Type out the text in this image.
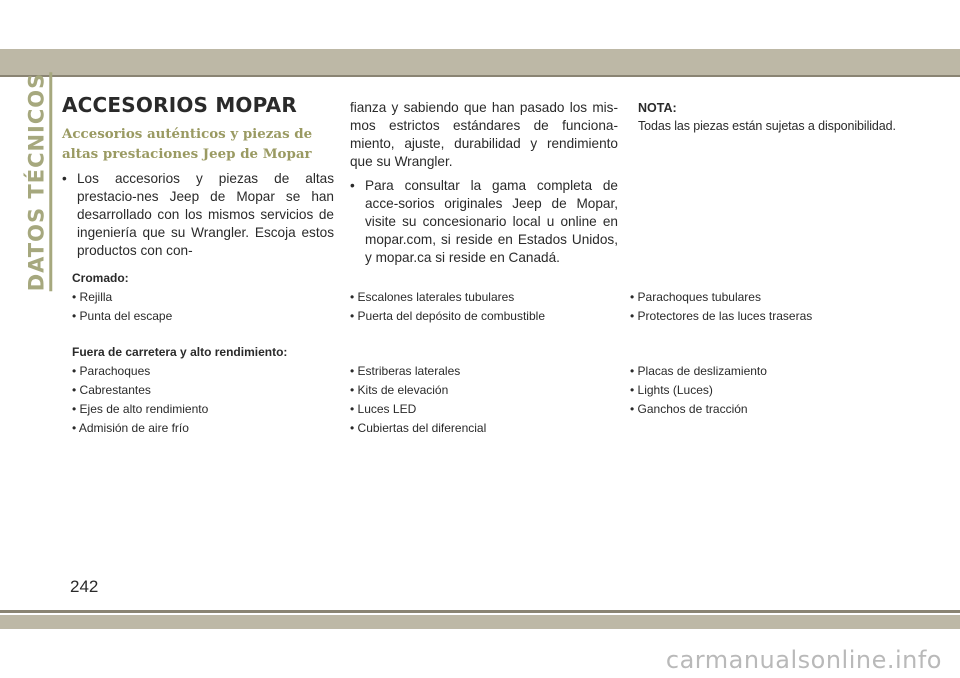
DATOS TÉCNICOS ACCESORIOS MOPAR
Accesorios auténticos y piezas de altas prestaciones Jeep de Mopar

• Los accesorios y piezas de altas prestacio-nes Jeep de Mopar se han desarrollado con los mismos servicios de ingeniería que su Wrangler. Escoja estos productos con con-

fianza y sabiendo que han pasado los mis-mos estrictos estándares de funciona-miento, ajuste, durabilidad y rendimiento que su Wrangler.

• Para consultar la gama completa de acce-sorios originales Jeep de Mopar, visite su concesionario local u online en mopar.com, si reside en Estados Unidos, y mopar.ca si reside en Canadá.

NOTA:

Todas las piezas están sujetas a disponibilidad.

Cromado:
• Rejilla	• Escalones laterales tubulares	• Parachoques tubulares
• Punta del escape	• Puerta del depósito de combustible	• Protectores de las luces traseras
Fuera de carretera y alto rendimiento:
• Parachoques	• Estriberas laterales	• Placas de deslizamiento
• Cabrestantes	• Kits de elevación	• Lights (Luces)
• Ejes de alto rendimiento	• Luces LED	• Ganchos de tracción
• Admisión de aire frío	• Cubiertas del diferencial
242
carmanualsonline.info
